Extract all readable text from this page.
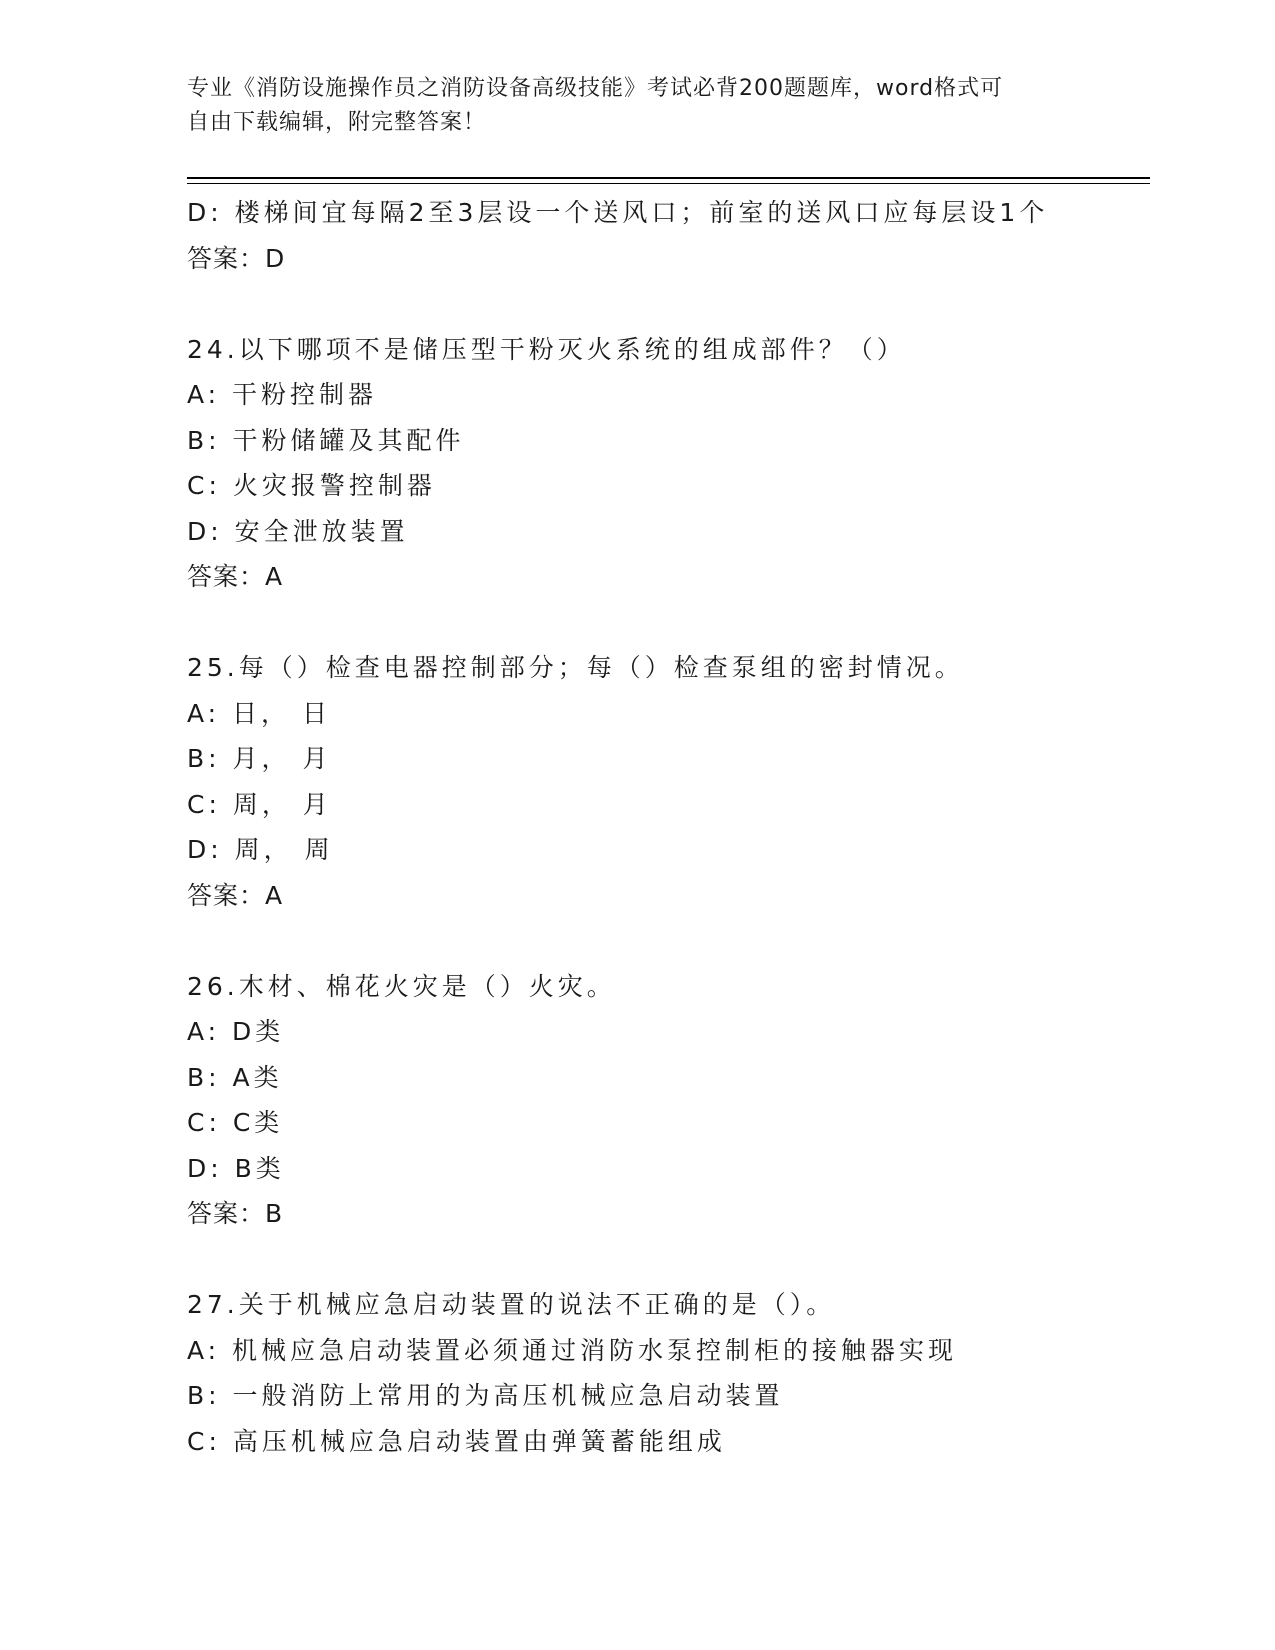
专业《消防设施操作员之消防设备高级技能》考试必背200题题库，word格式可
自由下载编辑，附完整答案！
D: 楼梯间宜每隔2至3层设一个送风口；前室的送风口应每层设1个
答案：D
24.以下哪项不是储压型干粉灭火系统的组成部件？（）
A: 干粉控制器
B: 干粉储罐及其配件
C: 火灾报警控制器
D: 安全泄放装置
答案：A
25.每（）检查电器控制部分；每（）检查泵组的密封情况。
A: 日， 日
B: 月， 月
C: 周， 月
D: 周， 周
答案：A
26.木材、棉花火灾是（）火灾。
A: D类
B: A类
C: C类
D: B类
答案：B
27.关于机械应急启动装置的说法不正确的是（）。
A: 机械应急启动装置必须通过消防水泵控制柜的接触器实现
B: 一般消防上常用的为高压机械应急启动装置
C: 高压机械应急启动装置由弹簧蓄能组成
